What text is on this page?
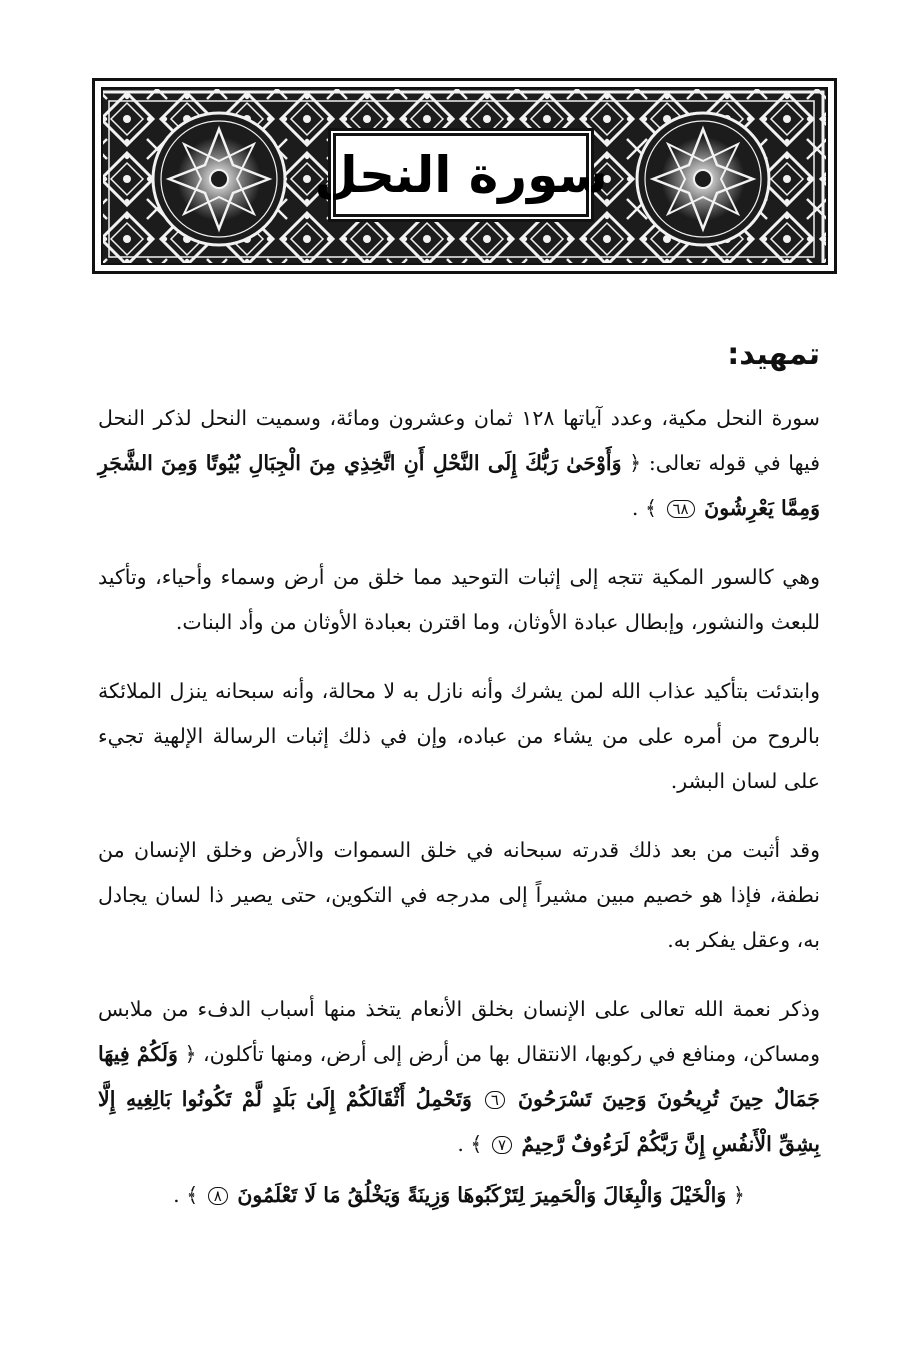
سورة النحل
تمهيد:

سورة النحل مكية، وعدد آياتها ١٢٨ ثمان وعشرون ومائة، وسميت النحل لذكر النحل فيها في قوله تعالى: ﴿ وَأَوْحَىٰ رَبُّكَ إِلَى النَّحْلِ أَنِ اتَّخِذِي مِنَ الْجِبَالِ بُيُوتًا وَمِنَ الشَّجَرِ وَمِمَّا يَعْرِشُونَ ٦٨ ﴾ .

وهي كالسور المكية تتجه إلى إثبات التوحيد مما خلق من أرض وسماء وأحياء، وتأكيد للبعث والنشور، وإبطال عبادة الأوثان، وما اقترن بعبادة الأوثان من وأد البنات.

وابتدئت بتأكيد عذاب الله لمن يشرك وأنه نازل به لا محالة، وأنه سبحانه ينزل الملائكة بالروح من أمره على من يشاء من عباده، وإن في ذلك إثبات الرسالة الإلهية تجيء على لسان البشر.

وقد أثبت من بعد ذلك قدرته سبحانه في خلق السموات والأرض وخلق الإنسان من نطفة، فإذا هو خصيم مبين مشيراً إلى مدرجه في التكوين، حتى يصير ذا لسان يجادل به، وعقل يفكر به.

وذكر نعمة الله تعالى على الإنسان بخلق الأنعام يتخذ منها أسباب الدفء من ملابس ومساكن، ومنافع في ركوبها، الانتقال بها من أرض إلى أرض، ومنها تأكلون، ﴿ وَلَكُمْ فِيهَا جَمَالٌ حِينَ تُرِيحُونَ وَحِينَ تَسْرَحُونَ ٦ وَتَحْمِلُ أَثْقَالَكُمْ إِلَىٰ بَلَدٍ لَّمْ تَكُونُوا بَالِغِيهِ إِلَّا بِشِقِّ الْأَنفُسِ إِنَّ رَبَّكُمْ لَرَءُوفٌ رَّحِيمٌ ٧ ﴾ .

﴿ وَالْخَيْلَ وَالْبِغَالَ وَالْحَمِيرَ لِتَرْكَبُوهَا وَزِينَةً وَيَخْلُقُ مَا لَا تَعْلَمُونَ ٨ ﴾ .
